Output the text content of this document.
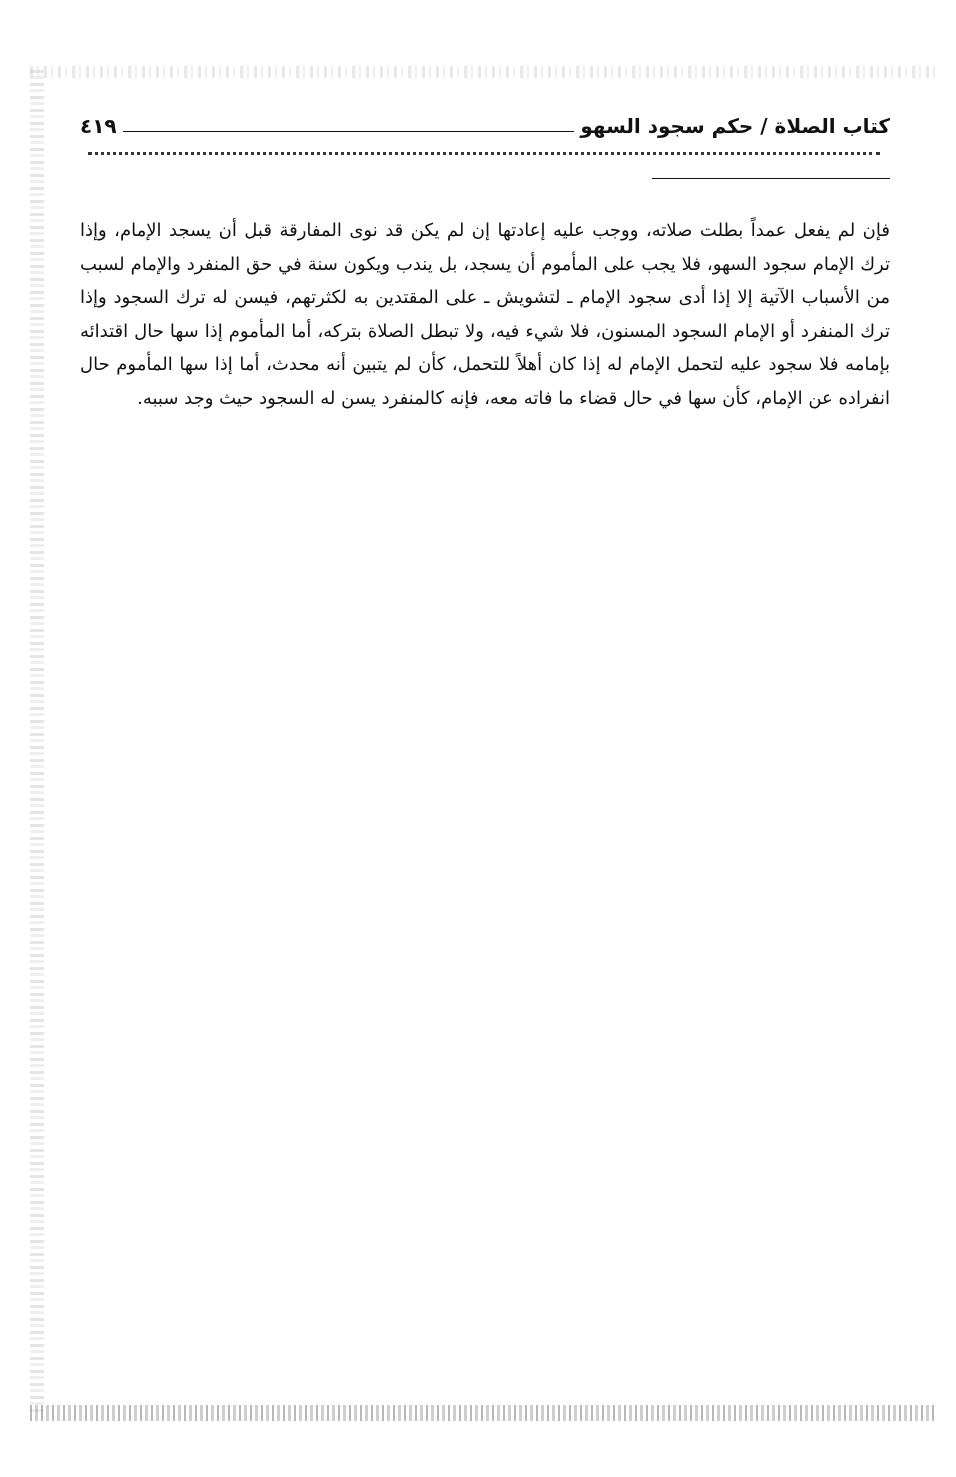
كتاب الصلاة / حكم سجود السهو
٤١٩

فإن لم يفعل عمداً بطلت صلاته، ووجب عليه إعادتها إن لم يكن قد نوى المفارقة قبل أن يسجد الإمام، وإذا ترك الإمام سجود السهو، فلا يجب على المأموم أن يسجد، بل يندب ويكون سنة في حق المنفرد والإمام لسبب من الأسباب الآتية إلا إذا أدى سجود الإمام ـ لتشويش ـ على المقتدين به لكثرتهم، فيسن له ترك السجود وإذا ترك المنفرد أو الإمام السجود المسنون، فلا شيء فيه، ولا تبطل الصلاة بتركه، أما المأموم إذا سها حال اقتدائه بإمامه فلا سجود عليه لتحمل الإمام له إذا كان أهلاً للتحمل، كأن لم يتبين أنه محدث، أما إذا سها المأموم حال انفراده عن الإمام، كأن سها في حال قضاء ما فاته معه، فإنه كالمنفرد يسن له السجود حيث وجد سببه.
